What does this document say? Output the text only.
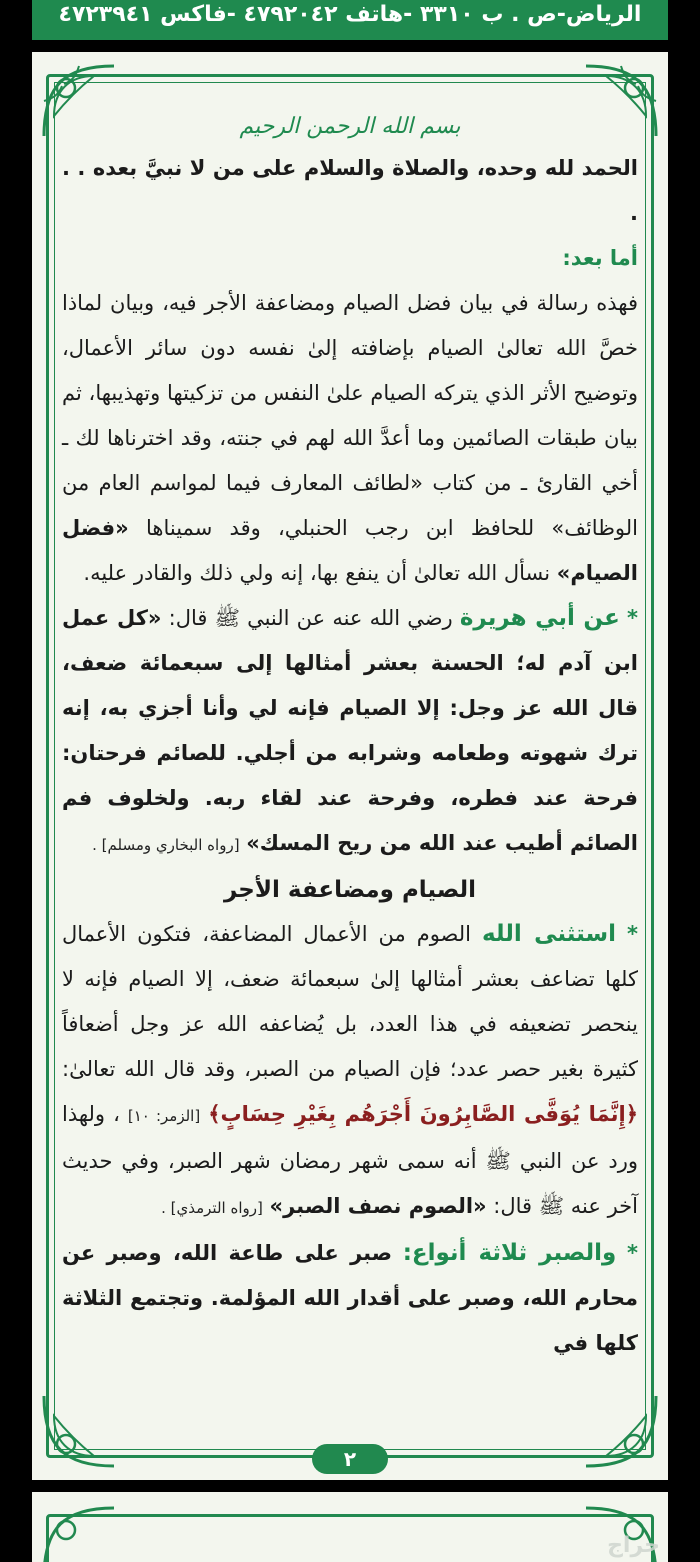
الرياض-ص . ب ٣٣١٠ -هاتف ٤٧٩٢٠٤٢ -فاكس ٤٧٢٣٩٤١

بسم الله الرحمن الرحيم

الحمد لله وحده، والصلاة والسلام على من لا نبيَّ بعده . . .

أما بعد:

فهذه رسالة في بيان فضل الصيام ومضاعفة الأجر فيه، وبيان لماذا خصَّ الله تعالىٰ الصيام بإضافته إلىٰ نفسه دون سائر الأعمال، وتوضيح الأثر الذي يتركه الصيام علىٰ النفس من تزكيتها وتهذيبها، ثم بيان طبقات الصائمين وما أعدَّ الله لهم في جنته، وقد اخترناها لك ـ أخي القارئ ـ من كتاب «لطائف المعارف فيما لمواسم العام من الوظائف» للحافظ ابن رجب الحنبلي، وقد سميناها «فضل الصيام» نسأل الله تعالىٰ أن ينفع بها، إنه ولي ذلك والقادر عليه.

* عن أبي هريرة رضي الله عنه عن النبي ﷺ قال: «كل عمل ابن آدم له؛ الحسنة بعشر أمثالها إلى سبعمائة ضعف، قال الله عز وجل: إلا الصيام فإنه لي وأنا أجزي به، إنه ترك شهوته وطعامه وشرابه من أجلي. للصائم فرحتان: فرحة عند فطره، وفرحة عند لقاء ربه. ولخلوف فم الصائم أطيب عند الله من ريح المسك» [رواه البخاري ومسلم] .

الصيام ومضاعفة الأجر

* استثنى الله الصوم من الأعمال المضاعفة، فتكون الأعمال كلها تضاعف بعشر أمثالها إلىٰ سبعمائة ضعف، إلا الصيام فإنه لا ينحصر تضعيفه في هذا العدد، بل يُضاعفه الله عز وجل أضعافاً كثيرة بغير حصر عدد؛ فإن الصيام من الصبر، وقد قال الله تعالىٰ: ﴿إِنَّمَا يُوَفَّى الصَّابِرُونَ أَجْرَهُم بِغَيْرِ حِسَابٍ﴾ [الزمر: ١٠] ، ولهذا ورد عن النبي ﷺ أنه سمى شهر رمضان شهر الصبر، وفي حديث آخر عنه ﷺ قال: «الصوم نصف الصبر» [رواه الترمذي] .

* والصبر ثلاثة أنواع: صبر على طاعة الله، وصبر عن محارم الله، وصبر على أقدار الله المؤلمة. وتجتمع الثلاثة كلها في

٢
حراج
